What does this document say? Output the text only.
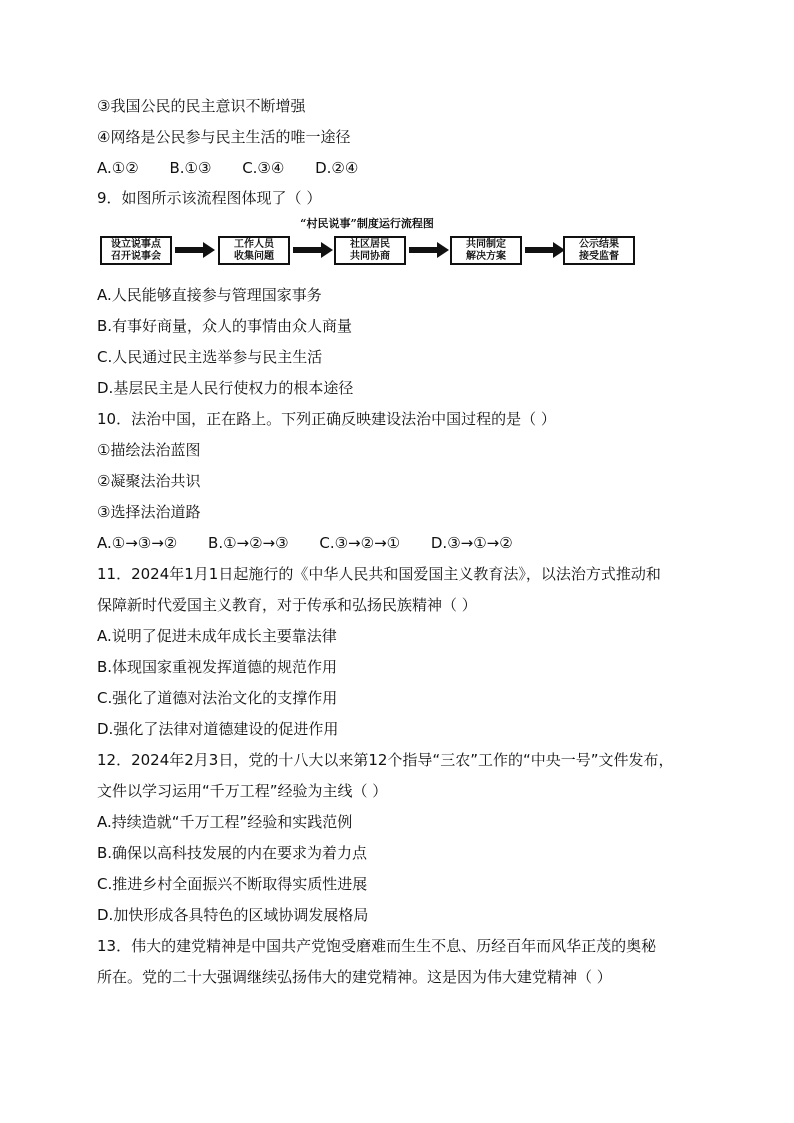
③我国公民的民主意识不断增强
④网络是公民参与民主生活的唯一途径
A.①② B.①③ C.③④ D.②④
9．如图所示该流程图体现了（ ）
“村民说事”制度运行流程图
设立说事点
召开说事会
工作人员
收集问题
社区居民
共同协商
共同制定
解决方案
公示结果
接受监督
A.人民能够直接参与管理国家事务
B.有事好商量，众人的事情由众人商量
C.人民通过民主选举参与民主生活
D.基层民主是人民行使权力的根本途径
10．法治中国，正在路上。下列正确反映建设法治中国过程的是（ ）
①描绘法治蓝图
②凝聚法治共识
③选择法治道路
A.①→③→② B.①→②→③ C.③→②→① D.③→①→②
11．2024年1月1日起施行的《中华人民共和国爱国主义教育法》，以法治方式推动和
保障新时代爱国主义教育，对于传承和弘扬民族精神（ ）
A.说明了促进未成年成长主要靠法律
B.体现国家重视发挥道德的规范作用
C.强化了道德对法治文化的支撑作用
D.强化了法律对道德建设的促进作用
12．2024年2月3日，党的十八大以来第12个指导“三农”工作的“中央一号”文件发布，
文件以学习运用“千万工程”经验为主线（ ）
A.持续造就“千万工程”经验和实践范例
B.确保以高科技发展的内在要求为着力点
C.推进乡村全面振兴不断取得实质性进展
D.加快形成各具特色的区域协调发展格局
13．伟大的建党精神是中国共产党饱受磨难而生生不息、历经百年而风华正茂的奥秘
所在。党的二十大强调继续弘扬伟大的建党精神。这是因为伟大建党精神（ ）
